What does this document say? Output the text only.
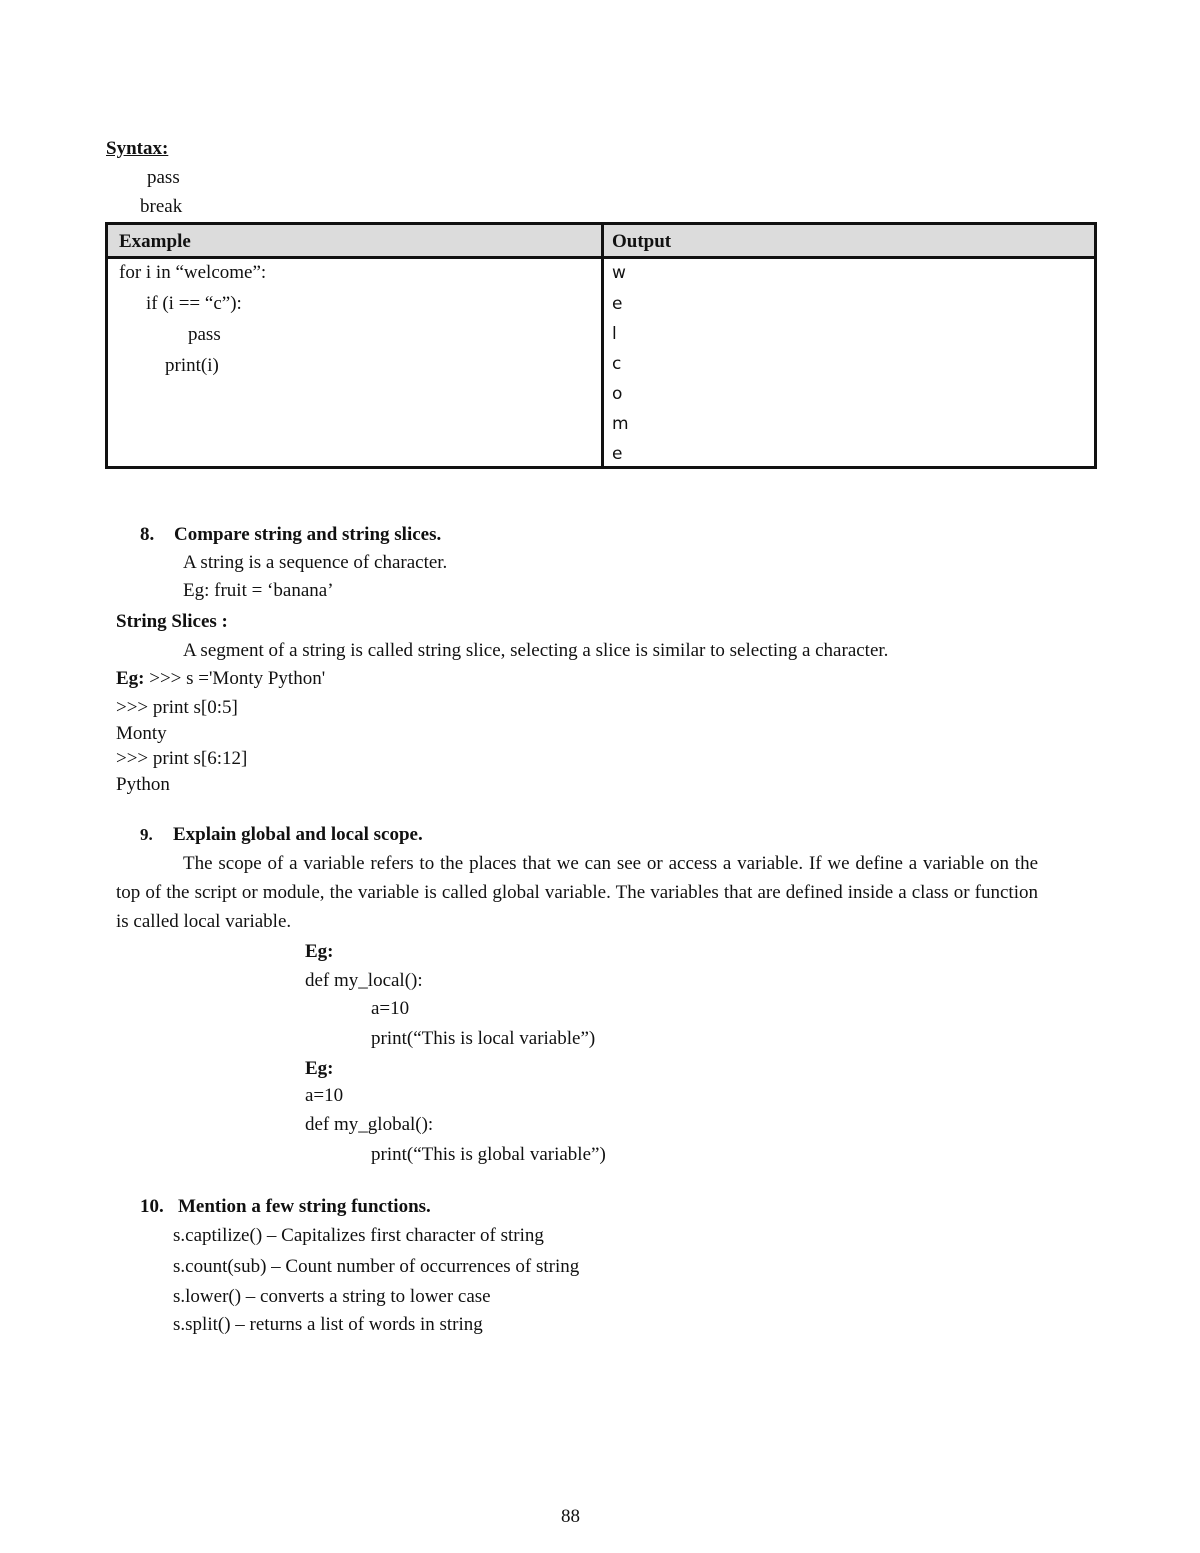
Syntax:
pass
break
Example	Output
for i in “welcome”:
if (i == “c”):
pass
print(i)
w
e
l
c
o
m
e
8. Compare string and string slices.
A string is a sequence of character.
Eg: fruit = ‘banana’
String Slices :
A segment of a string is called string slice, selecting a slice is similar to selecting a character.
Eg: >>> s ='Monty Python'
>>> print s[0:5]
Monty
>>> print s[6:12]
Python
9. Explain global and local scope.
The scope of a variable refers to the places that we can see or access a variable. If we define a variable on the top of the script or module, the variable is called global variable. The variables that are defined inside a class or function is called local variable.
Eg:
def my_local():
a=10
print(“This is local variable”)
Eg:
a=10
def my_global():
print(“This is global variable”)
10. Mention a few string functions.
s.captilize() – Capitalizes first character of string
s.count(sub) – Count number of occurrences of string
s.lower() – converts a string to lower case
s.split() – returns a list of words in string
88
